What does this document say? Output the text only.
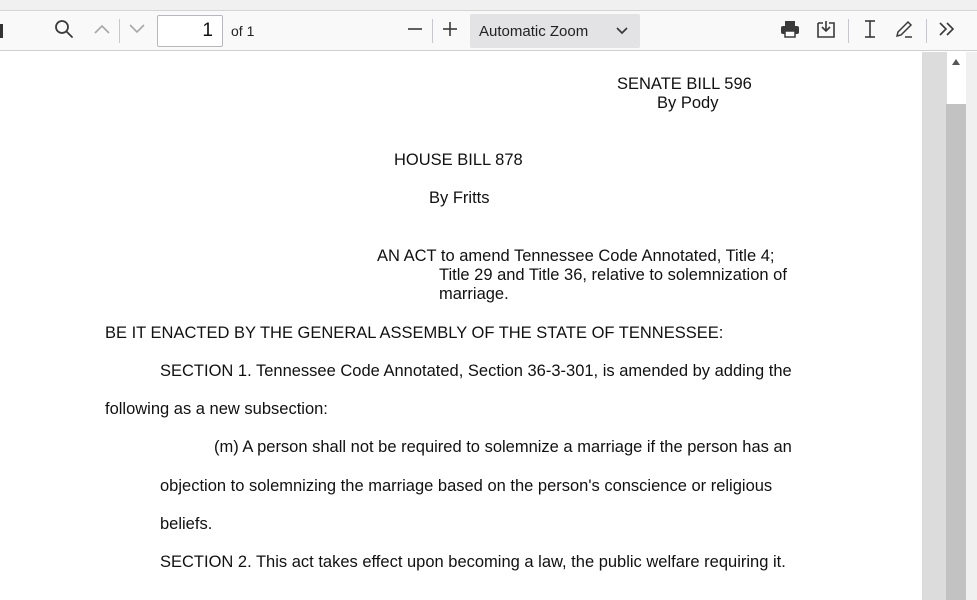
1	of 1	Automatic Zoom
SENATE BILL 596
By Pody
HOUSE BILL 878
By Fritts
AN ACT to amend Tennessee Code Annotated, Title 4;
Title 29 and Title 36, relative to solemnization of
marriage.
BE IT ENACTED BY THE GENERAL ASSEMBLY OF THE STATE OF TENNESSEE:
SECTION 1. Tennessee Code Annotated, Section 36-3-301, is amended by adding the
following as a new subsection:
(m) A person shall not be required to solemnize a marriage if the person has an
objection to solemnizing the marriage based on the person's conscience or religious
beliefs.
SECTION 2. This act takes effect upon becoming a law, the public welfare requiring it.
